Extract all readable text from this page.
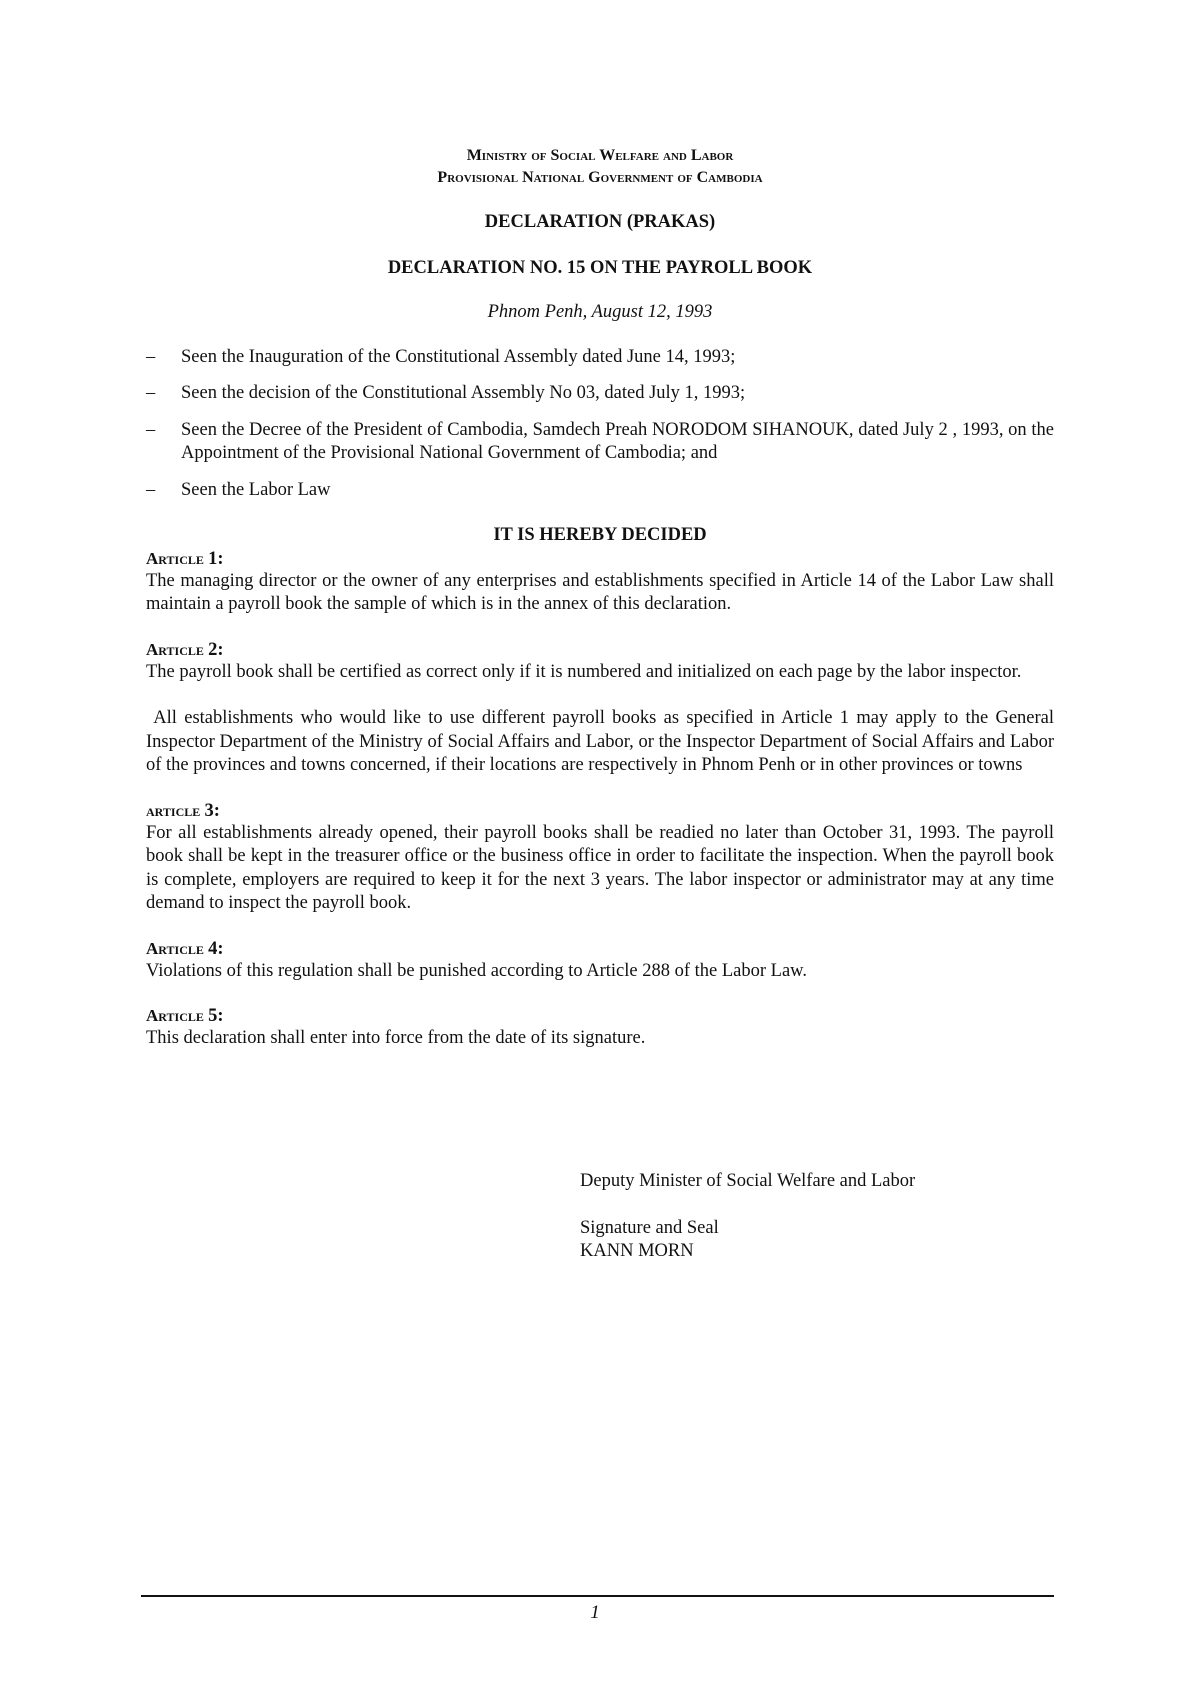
Ministry of Social Welfare and Labor
Provisional National Government of Cambodia
DECLARATION (PRAKAS)
DECLARATION NO. 15 ON THE PAYROLL BOOK
Phnom Penh, August 12, 1993
– Seen the Inauguration of the Constitutional Assembly dated June 14, 1993;
– Seen the decision of the Constitutional Assembly No 03, dated July 1, 1993;
– Seen the Decree of the President of Cambodia, Samdech Preah NORODOM SIHANOUK, dated July 2 , 1993, on the Appointment of the Provisional National Government of Cambodia; and
– Seen the Labor Law
IT IS HEREBY DECIDED
Article 1:
The managing director or the owner of any enterprises and establishments specified in Article 14 of the Labor Law shall maintain a payroll book the sample of which is in the annex of this declaration.
Article 2:
The payroll book shall be certified as correct only if it is numbered and initialized on each page by the labor inspector.
All establishments who would like to use different payroll books as specified in Article 1 may apply to the General Inspector Department of the Ministry of Social Affairs and Labor, or the Inspector Department of Social Affairs and Labor of the provinces and towns concerned, if their locations are respectively in Phnom Penh or in other provinces or towns
article 3:
For all establishments already opened, their payroll books shall be readied no later than October 31, 1993. The payroll book shall be kept in the treasurer office or the business office in order to facilitate the inspection. When the payroll book is complete, employers are required to keep it for the next 3 years. The labor inspector or administrator may at any time demand to inspect the payroll book.
Article 4:
Violations of this regulation shall be punished according to Article 288 of the Labor Law.
Article 5:
This declaration shall enter into force from the date of its signature.
Deputy Minister of Social Welfare and Labor
Signature and Seal
KANN MORN
1
